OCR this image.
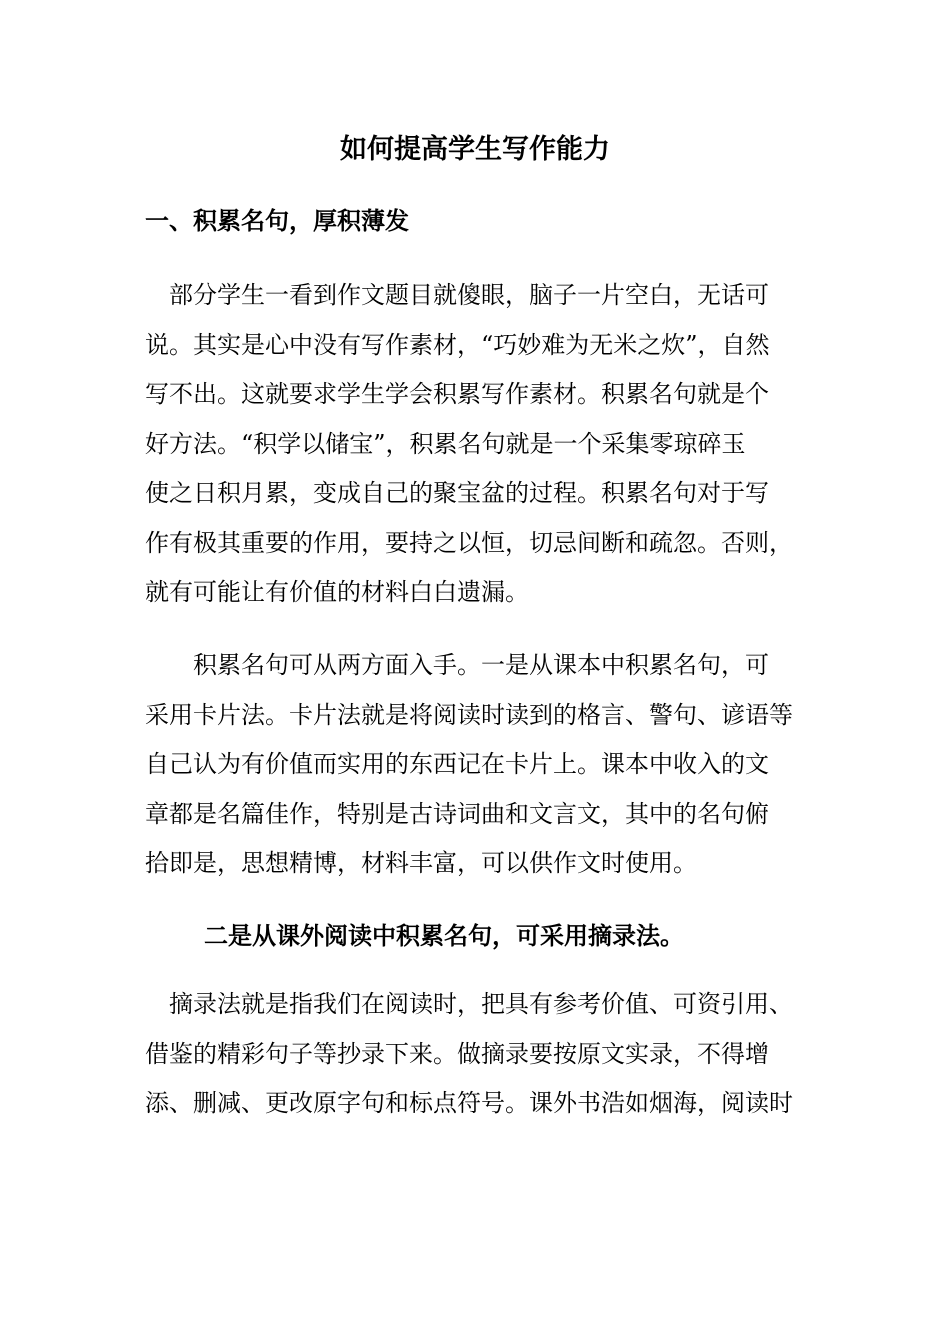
如何提高学生写作能力
一、积累名句，厚积薄发
　部分学生一看到作文题目就傻眼，脑子一片空白，无话可
说。其实是心中没有写作素材，“巧妙难为无米之炊”，自然
写不出。这就要求学生学会积累写作素材。积累名句就是个
好方法。“积学以储宝”，积累名句就是一个采集零琼碎玉
使之日积月累，变成自己的聚宝盆的过程。积累名句对于写
作有极其重要的作用，要持之以恒，切忌间断和疏忽。否则，
就有可能让有价值的材料白白遗漏。
　　积累名句可从两方面入手。一是从课本中积累名句，可
采用卡片法。卡片法就是将阅读时读到的格言、警句、谚语等
自己认为有价值而实用的东西记在卡片上。课本中收入的文
章都是名篇佳作，特别是古诗词曲和文言文，其中的名句俯
拾即是，思想精博，材料丰富，可以供作文时使用。
二是从课外阅读中积累名句，可采用摘录法。
　摘录法就是指我们在阅读时，把具有参考价值、可资引用、
借鉴的精彩句子等抄录下来。做摘录要按原文实录，不得增
添、删减、更改原字句和标点符号。课外书浩如烟海，阅读时
